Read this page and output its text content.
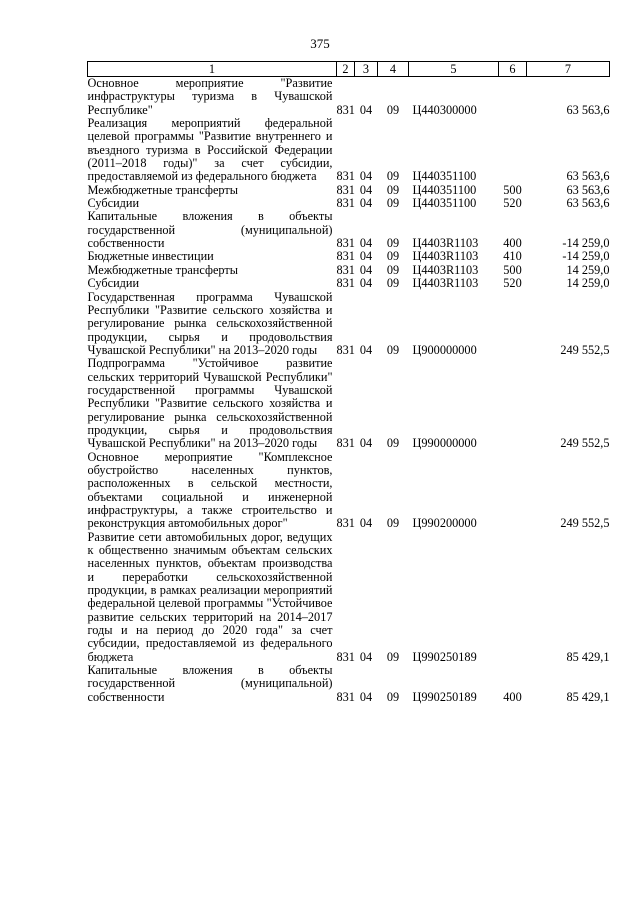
375
1	2	3	4	5	6	7
Основное мероприятие "Развитие инфраструктуры туризма в Чувашской Республике"	831	04	09	Ц440300000		63 563,6
Реализация мероприятий федеральной целевой программы "Развитие внутреннего и въездного туризма в Российской Федерации (2011–2018 годы)" за счет субсидии, предоставляемой из федерального бюджета	831	04	09	Ц440351100		63 563,6
Межбюджетные трансферты	831	04	09	Ц440351100	500	63 563,6
Субсидии	831	04	09	Ц440351100	520	63 563,6
Капитальные вложения в объекты государственной (муниципальной) собственности	831	04	09	Ц4403R1103	400	-14 259,0
Бюджетные инвестиции	831	04	09	Ц4403R1103	410	-14 259,0
Межбюджетные трансферты	831	04	09	Ц4403R1103	500	14 259,0
Субсидии	831	04	09	Ц4403R1103	520	14 259,0
Государственная программа Чувашской Республики "Развитие сельского хозяйства и регулирование рынка сельскохозяйственной продукции, сырья и продовольствия Чувашской Республики" на 2013–2020 годы	831	04	09	Ц900000000		249 552,5
Подпрограмма "Устойчивое развитие сельских территорий Чувашской Республики" государственной программы Чувашской Республики "Развитие сельского хозяйства и регулирование рынка сельскохозяйственной продукции, сырья и продовольствия Чувашской Республики" на 2013–2020 годы	831	04	09	Ц990000000		249 552,5
Основное мероприятие "Комплексное обустройство населенных пунктов, расположенных в сельской местности, объектами социальной и инженерной инфраструктуры, а также строительство и реконструкция автомобильных дорог"	831	04	09	Ц990200000		249 552,5
Развитие сети автомобильных дорог, ведущих к общественно значимым объектам сельских населенных пунктов, объектам производства и переработки сельскохозяйственной продукции, в рамках реализации мероприятий федеральной целевой программы "Устойчивое развитие сельских территорий на 2014–2017 годы и на период до 2020 года" за счет субсидии, предоставляемой из федерального бюджета	831	04	09	Ц990250189		85 429,1
Капитальные вложения в объекты государственной (муниципальной) собственности	831	04	09	Ц990250189	400	85 429,1
